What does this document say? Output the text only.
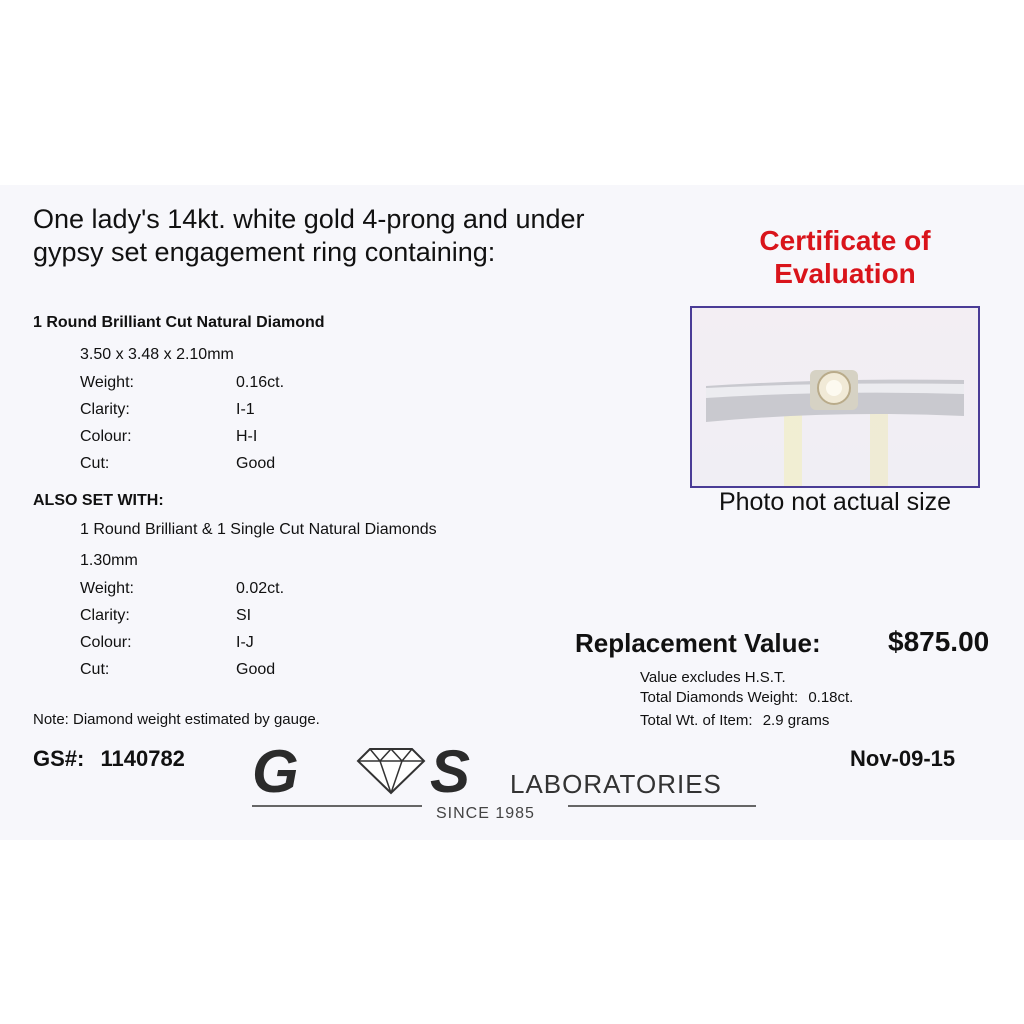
One lady's 14kt. white gold 4-prong and under
gypsy set engagement ring containing:	Certificate of
Evaluation
Photo not actual size
1 Round Brilliant Cut Natural Diamond
3.50 x 3.48 x 2.10mm
Weight:	0.16ct.
Clarity:	I-1
Colour:	H-I
Cut:	Good
ALSO SET WITH:
1 Round Brilliant & 1 Single Cut Natural Diamonds
1.30mm
Weight:	0.02ct.
Clarity:	SI
Colour:	I-J
Cut:	Good
Note: Diamond weight estimated by gauge.
Replacement Value: $875.00
Value excludes H.S.T.
Total Diamonds Weight: 0.18ct.
Total Wt. of Item: 2.9 grams
GS#: 1140782 G S LABORATORIES
SINCE 1985
Nov-09-15
